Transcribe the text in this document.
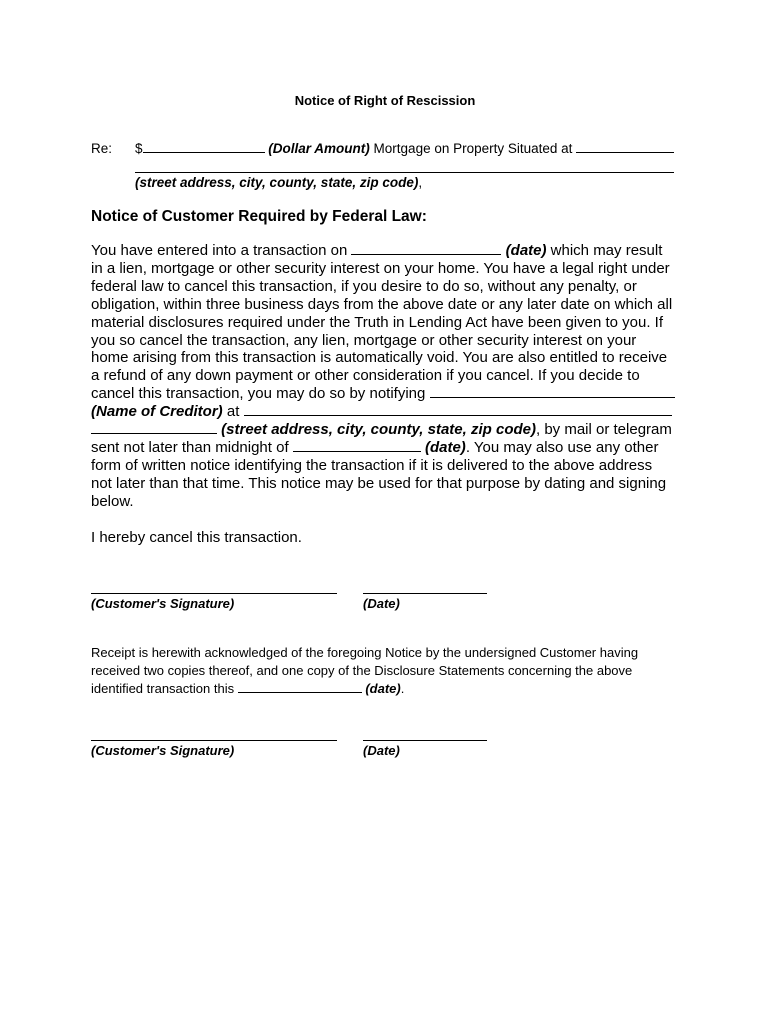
Notice of Right of Rescission
Re: $	(Dollar Amount) Mortgage on Property Situated at
(street address, city, county, state, zip code),
Notice of Customer Required by Federal Law:
You have entered into a transaction on	(date) which may result
in a lien, mortgage or other security interest on your home. You have a legal right under
federal law to cancel this transaction, if you desire to do so, without any penalty, or
obligation, within three business days from the above date or any later date on which all
material disclosures required under the Truth in Lending Act have been given to you. If
you so cancel the transaction, any lien, mortgage or other security interest on your
home arising from this transaction is automatically void. You are also entitled to receive
a refund of any down payment or other consideration if you cancel. If you decide to
cancel this transaction, you may do so by notifying
(Name of Creditor) at
(street address, city, county, state, zip code), by mail or telegram
sent not later than midnight of	(date). You may also use any other
form of written notice identifying the transaction if it is delivered to the above address
not later than that time. This notice may be used for that purpose by dating and signing
below.
I hereby cancel this transaction.
(Customer's Signature)	(Date)
Receipt is herewith acknowledged of the foregoing Notice by the undersigned Customer having
received two copies thereof, and one copy of the Disclosure Statements concerning the above
identified transaction this	(date).
(Customer's Signature)	(Date)
